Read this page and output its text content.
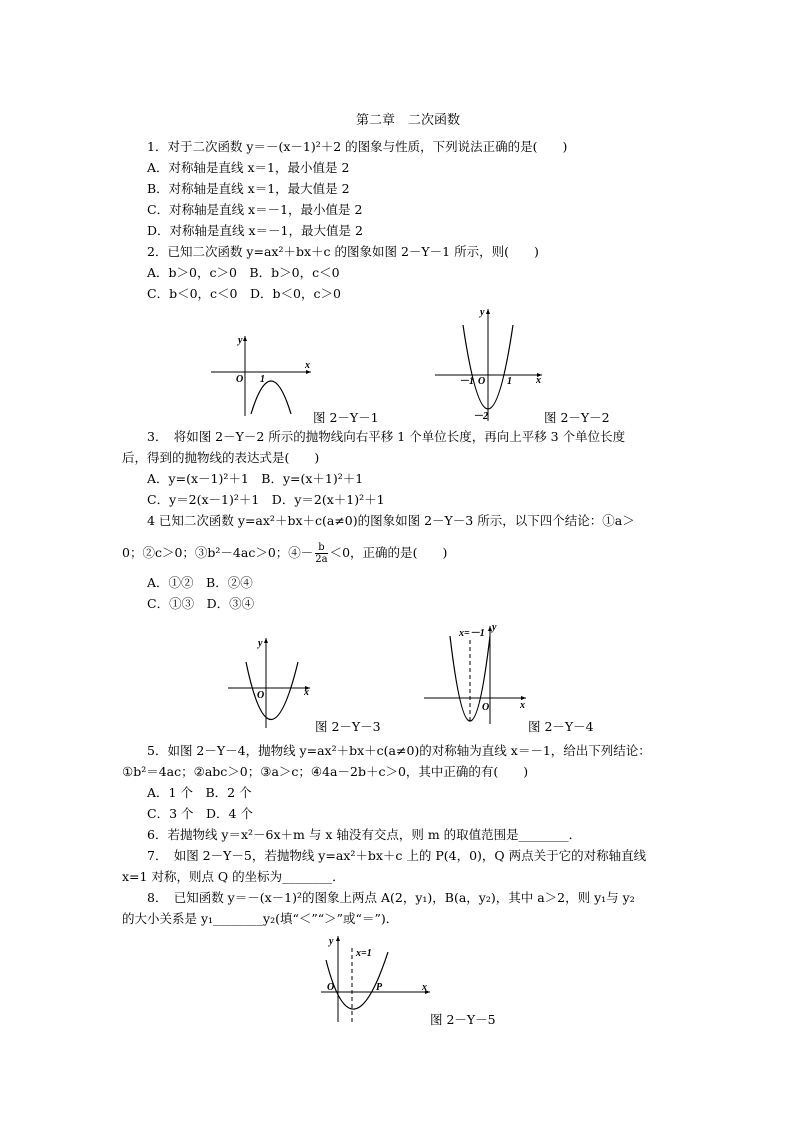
第二章　二次函数
1．对于二次函数 y＝－(x－1)²＋2 的图象与性质，下列说法正确的是(　　)
A．对称轴是直线 x＝1，最小值是 2
B．对称轴是直线 x＝1，最大值是 2
C．对称轴是直线 x＝－1，最小值是 2
D．对称轴是直线 x＝－1，最大值是 2
2．已知二次函数 y=ax²＋bx＋c 的图象如图 2－Y－1 所示，则(　　)
A．b＞0，c＞0　B．b＞0，c＜0
C．b＜0，c＜0　D．b＜0，c＞0
O 1
x
y
图 2－Y－1
－1 O 1
－2
x
y
图 2－Y－2
3．　将如图 2－Y－2 所示的抛物线向右平移 1 个单位长度，再向上平移 3 个单位长度
后，得到的抛物线的表达式是(　　)
A．y=(x－1)²＋1　B．y=(x＋1)²＋1
C．y＝2(x－1)²＋1　D．y＝2(x＋1)²＋1
4 已知二次函数 y=ax²＋bx＋c(a≠0)的图象如图 2－Y－3 所示，以下四个结论：①a＞
0；②c＞0；③b²－4ac＞0；④－ $\frac{b}{2a} <0$，正确的是(　　)
A．①②　B．②④
C．①③　D．③④
O	x
y
图 2－Y－3
x=－1
y
O	x
图 2－Y－4
5．如图 2－Y－4，抛物线 y=ax²＋bx＋c(a≠0)的对称轴为直线 x＝－1，给出下列结论：
①b²＝4ac；②abc＞0；③a＞c；④4a－2b＋c＞0，其中正确的有(　　)
A．1 个　B．2 个
C．3 个　D．4 个
6．若抛物线 y＝x²－6x＋m 与 x 轴没有交点，则 m 的取值范围是________．
7．　如图 2－Y－5，若抛物线 y=ax²＋bx＋c 上的 P(4，0)，Q 两点关于它的对称轴直线
x=1 对称，则点 Q 的坐标为________．
8．　已知函数 y＝－(x－1)²的图象上两点 A(2，y₁)，B(a，y₂)，其中 a＞2，则 y₁与 y₂
的大小关系是 y₁________y₂(填“＜”“＞”或“＝”)．
x=1
y
O	P	x
图 2－Y－5
